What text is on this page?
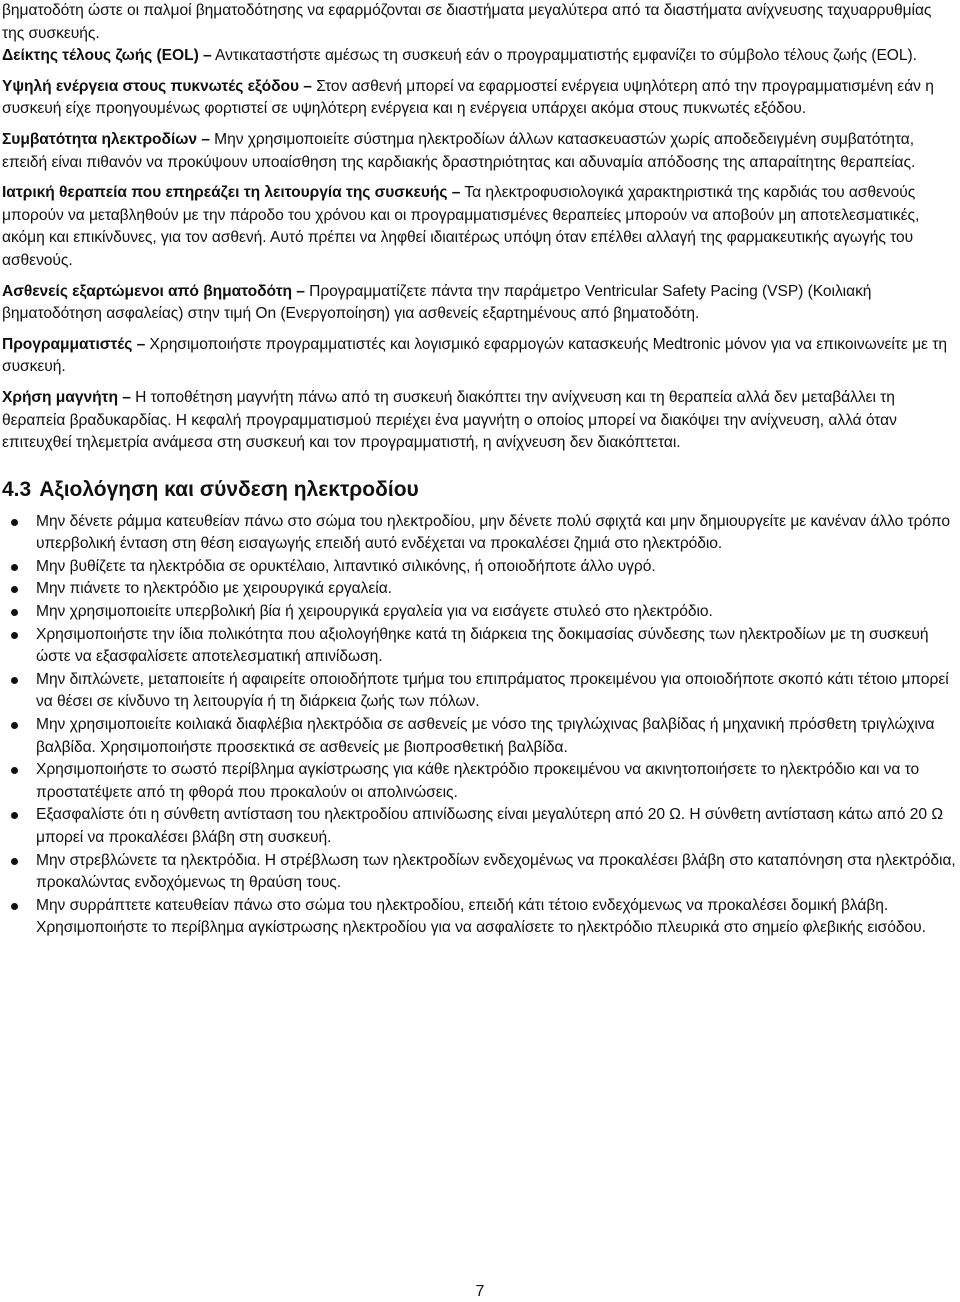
βηματοδότη ώστε οι παλμοί βηματοδότησης να εφαρμόζονται σε διαστήματα μεγαλύτερα από τα διαστήματα ανίχνευσης ταχυαρρυθμίας της συσκευής.

Δείκτης τέλους ζωής (EOL) – Αντικαταστήστε αμέσως τη συσκευή εάν ο προγραμματιστής εμφανίζει το σύμβολο τέλους ζωής (EOL).

Υψηλή ενέργεια στους πυκνωτές εξόδου – Στον ασθενή μπορεί να εφαρμοστεί ενέργεια υψηλότερη από την προγραμματισμένη εάν η συσκευή είχε προηγουμένως φορτιστεί σε υψηλότερη ενέργεια και η ενέργεια υπάρχει ακόμα στους πυκνωτές εξόδου.

Συμβατότητα ηλεκτροδίων – Μην χρησιμοποιείτε σύστημα ηλεκτροδίων άλλων κατασκευαστών χωρίς αποδεδειγμένη συμβατότητα, επειδή είναι πιθανόν να προκύψουν υποαίσθηση της καρδιακής δραστηριότητας και αδυναμία απόδοσης της απαραίτητης θεραπείας.

Ιατρική θεραπεία που επηρεάζει τη λειτουργία της συσκευής – Τα ηλεκτροφυσιολογικά χαρακτηριστικά της καρδιάς του ασθενούς μπορούν να μεταβληθούν με την πάροδο του χρόνου και οι προγραμματισμένες θεραπείες μπορούν να αποβούν μη αποτελεσματικές, ακόμη και επικίνδυνες, για τον ασθενή. Αυτό πρέπει να ληφθεί ιδιαιτέρως υπόψη όταν επέλθει αλλαγή της φαρμακευτικής αγωγής του ασθενούς.

Ασθενείς εξαρτώμενοι από βηματοδότη – Προγραμματίζετε πάντα την παράμετρο Ventricular Safety Pacing (VSP) (Κοιλιακή βηματοδότηση ασφαλείας) στην τιμή On (Ενεργοποίηση) για ασθενείς εξαρτημένους από βηματοδότη.

Προγραμματιστές – Χρησιμοποιήστε προγραμματιστές και λογισμικό εφαρμογών κατασκευής Medtronic μόνον για να επικοινωνείτε με τη συσκευή.

Χρήση μαγνήτη – Η τοποθέτηση μαγνήτη πάνω από τη συσκευή διακόπτει την ανίχνευση και τη θεραπεία αλλά δεν μεταβάλλει τη θεραπεία βραδυκαρδίας. Η κεφαλή προγραμματισμού περιέχει ένα μαγνήτη ο οποίος μπορεί να διακόψει την ανίχνευση, αλλά όταν επιτευχθεί τηλεμετρία ανάμεσα στη συσκευή και τον προγραμματιστή, η ανίχνευση δεν διακόπτεται.

4.3 Αξιολόγηση και σύνδεση ηλεκτροδίου
Μην δένετε ράμμα κατευθείαν πάνω στο σώμα του ηλεκτροδίου, μην δένετε πολύ σφιχτά και μην δημιουργείτε με κανέναν άλλο τρόπο υπερβολική ένταση στη θέση εισαγωγής επειδή αυτό ενδέχεται να προκαλέσει ζημιά στο ηλεκτρόδιο.
Μην βυθίζετε τα ηλεκτρόδια σε ορυκτέλαιο, λιπαντικό σιλικόνης, ή οποιοδήποτε άλλο υγρό.
Μην πιάνετε το ηλεκτρόδιο με χειρουργικά εργαλεία.
Μην χρησιμοποιείτε υπερβολική βία ή χειρουργικά εργαλεία για να εισάγετε στυλεό στο ηλεκτρόδιο.
Χρησιμοποιήστε την ίδια πολικότητα που αξιολογήθηκε κατά τη διάρκεια της δοκιμασίας σύνδεσης των ηλεκτροδίων με τη συσκευή ώστε να εξασφαλίσετε αποτελεσματική απινίδωση.
Μην διπλώνετε, μεταποιείτε ή αφαιρείτε οποιοδήποτε τμήμα του επιπράματος προκειμένου για οποιοδήποτε σκοπό κάτι τέτοιο μπορεί να θέσει σε κίνδυνο τη λειτουργία ή τη διάρκεια ζωής των πόλων.
Μην χρησιμοποιείτε κοιλιακά διαφλέβια ηλεκτρόδια σε ασθενείς με νόσο της τριγλώχινας βαλβίδας ή μηχανική πρόσθετη τριγλώχινα βαλβίδα. Χρησιμοποιήστε προσεκτικά σε ασθενείς με βιοπροσθετική βαλβίδα.
Χρησιμοποιήστε το σωστό περίβλημα αγκίστρωσης για κάθε ηλεκτρόδιο προκειμένου να ακινητοποιήσετε το ηλεκτρόδιο και να το προστατέψετε από τη φθορά που προκαλούν οι απολινώσεις.
Εξασφαλίστε ότι η σύνθετη αντίσταση του ηλεκτροδίου απινίδωσης είναι μεγαλύτερη από 20 Ω. Η σύνθετη αντίσταση κάτω από 20 Ω μπορεί να προκαλέσει βλάβη στη συσκευή.
Μην στρεβλώνετε τα ηλεκτρόδια. Η στρέβλωση των ηλεκτροδίων ενδεχομένως να προκαλέσει βλάβη στο καταπόνηση στα ηλεκτρόδια, προκαλώντας ενδοχόμενως τη θραύση τους.
Μην συρράπτετε κατευθείαν πάνω στο σώμα του ηλεκτροδίου, επειδή κάτι τέτοιο ενδεχόμενως να προκαλέσει δομική βλάβη. Χρησιμοποιήστε το περίβλημα αγκίστρωσης ηλεκτροδίου για να ασφαλίσετε το ηλεκτρόδιο πλευρικά στο σημείο φλεβικής εισόδου.
7
